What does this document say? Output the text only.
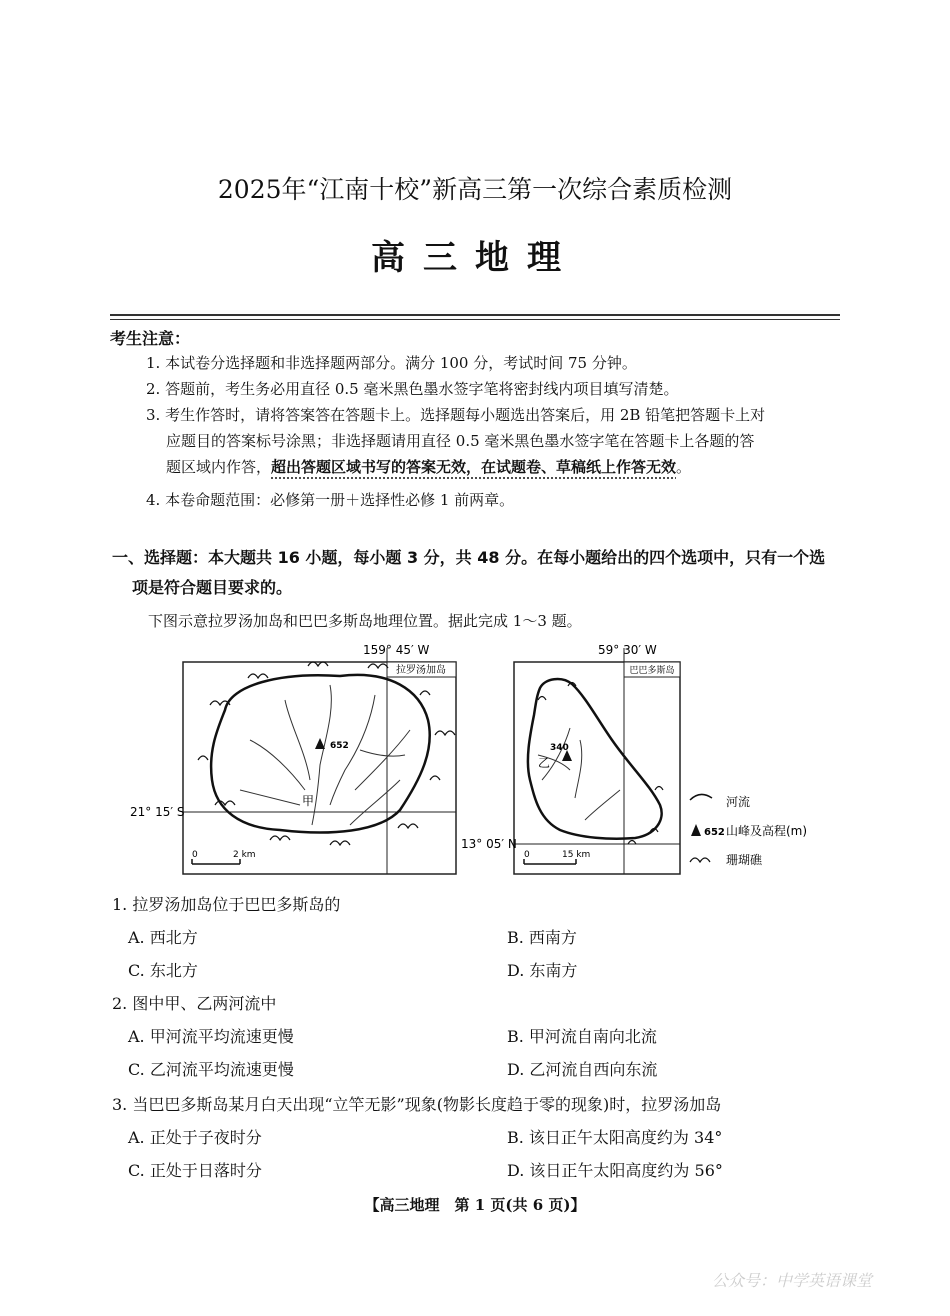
2025年“江南十校”新高三第一次综合素质检测
高三地理
考生注意：
1. 本试卷分选择题和非选择题两部分。满分 100 分，考试时间 75 分钟。
2. 答题前，考生务必用直径 0.5 毫米黑色墨水签字笔将密封线内项目填写清楚。
3. 考生作答时，请将答案答在答题卡上。选择题每小题选出答案后，用 2B 铅笔把答题卡上对
应题目的答案标号涂黑；非选择题请用直径 0.5 毫米黑色墨水签字笔在答题卡上各题的答
题区域内作答，超出答题区域书写的答案无效，在试题卷、草稿纸上作答无效。
4. 本卷命题范围：必修第一册＋选择性必修 1 前两章。
一、选择题：本大题共 16 小题，每小题 3 分，共 48 分。在每小题给出的四个选项中，只有一个选
项是符合题目要求的。
下图示意拉罗汤加岛和巴巴多斯岛地理位置。据此完成 1～3 题。
拉罗汤加岛
159° 45′ W
21° 15′ S
652
甲
0	2 km
巴巴多斯岛
59° 30′ W
13° 05′ N
340
乙
0	15 km
河流
652 山峰及高程(m)
珊瑚礁
1. 拉罗汤加岛位于巴巴多斯岛的
A. 西北方	B. 西南方
C. 东北方	D. 东南方
2. 图中甲、乙两河流中
A. 甲河流平均流速更慢	B. 甲河流自南向北流
C. 乙河流平均流速更慢	D. 乙河流自西向东流
3. 当巴巴多斯岛某月白天出现“立竿无影”现象(物影长度趋于零的现象)时，拉罗汤加岛
A. 正处于子夜时分	B. 该日正午太阳高度约为 34°
C. 正处于日落时分	D. 该日正午太阳高度约为 56°
【高三地理　第 1 页(共 6 页)】
公众号：中学英语课堂
